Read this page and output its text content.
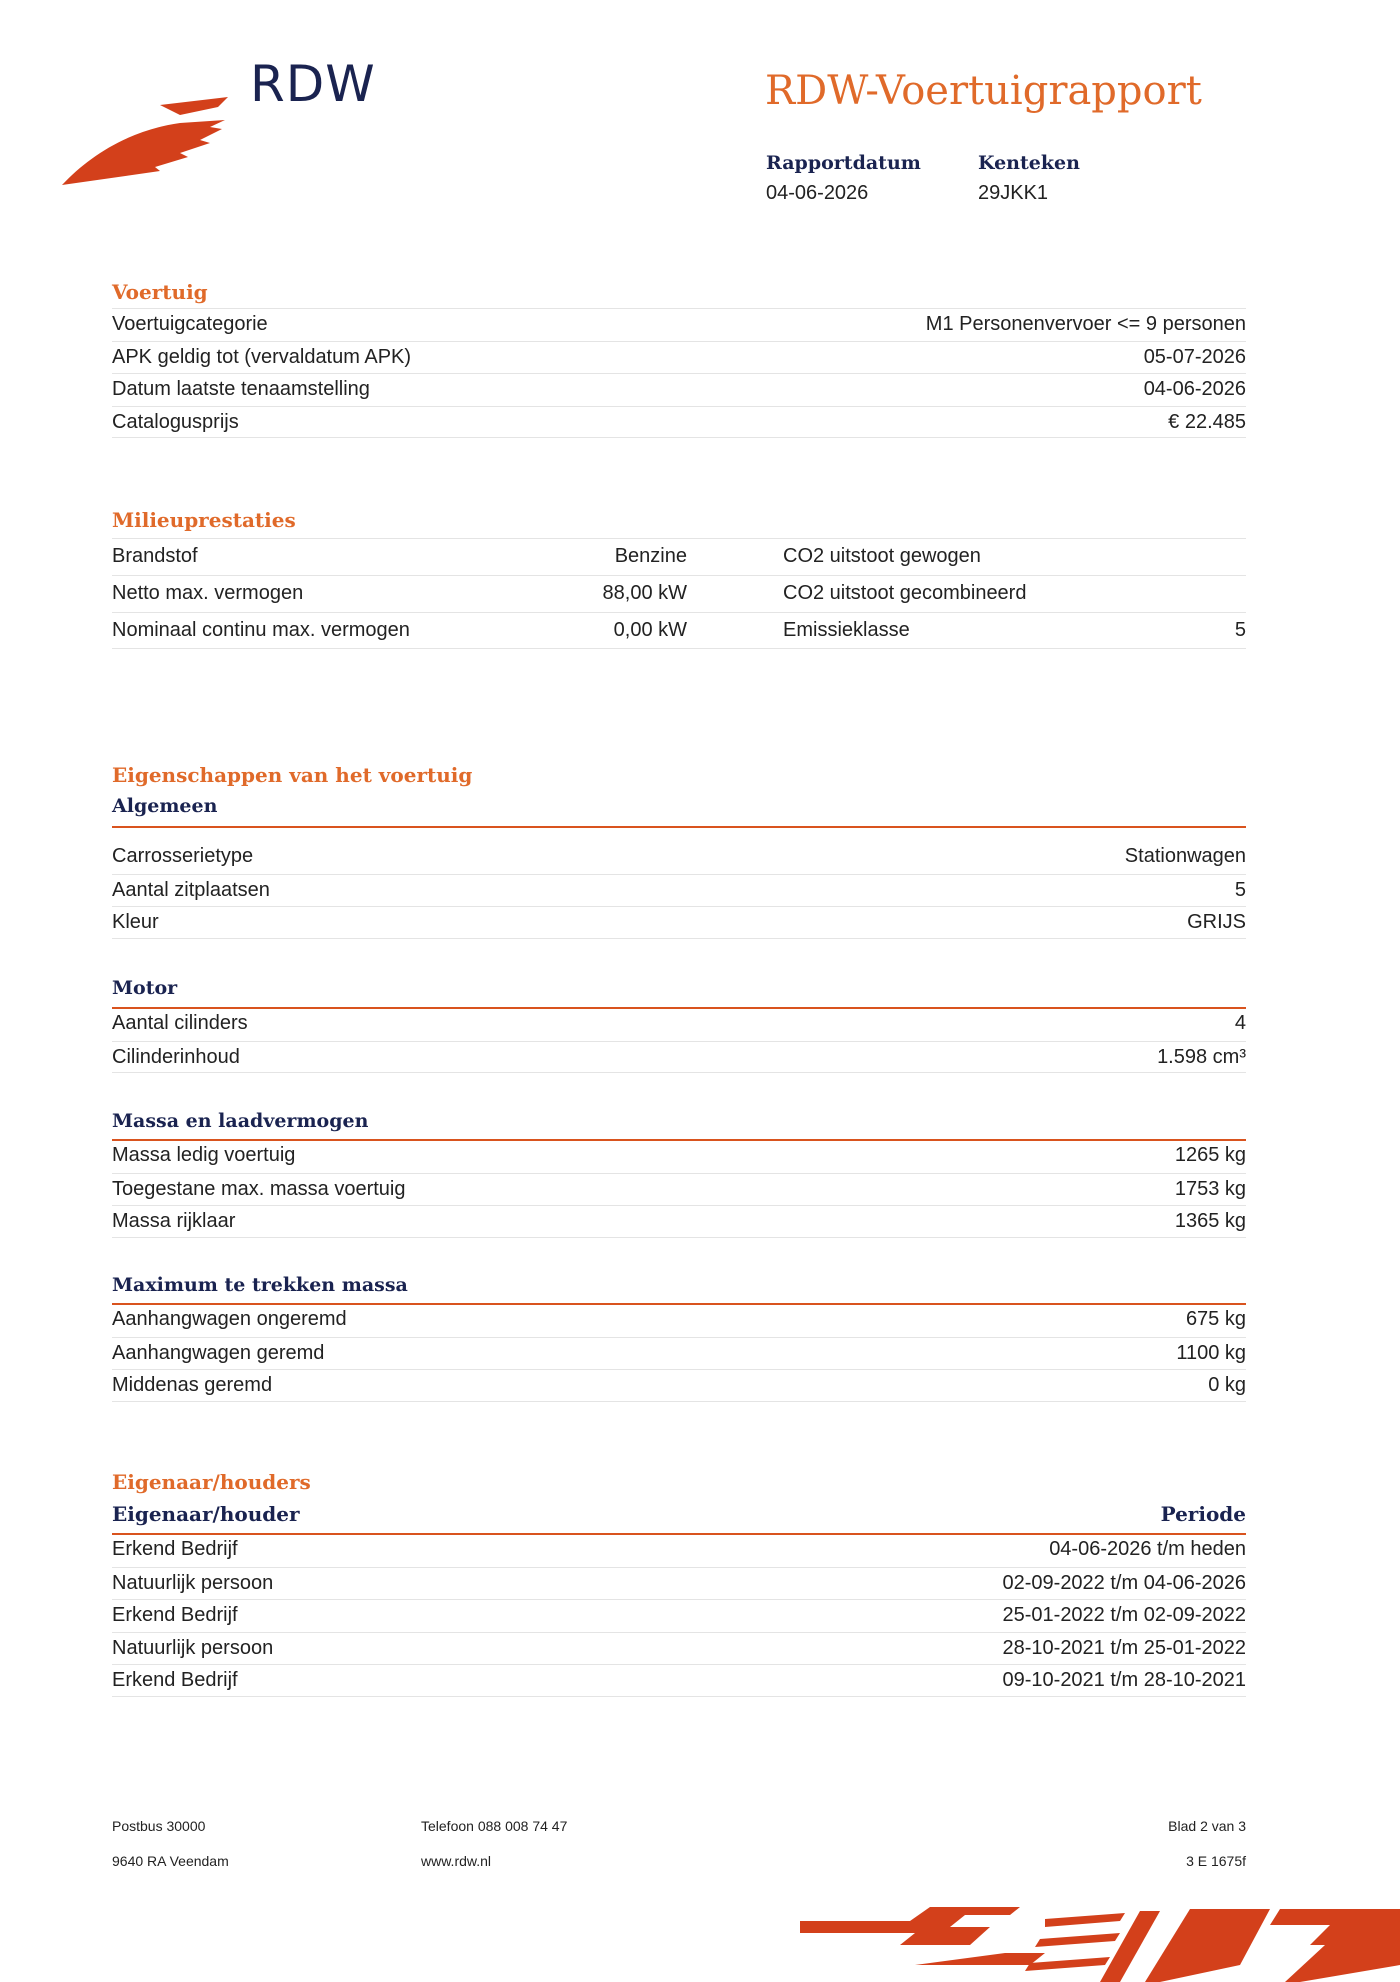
RDW	RDW-Voertuigrapport
Rapportdatum
04-06-2026
Kenteken
29JKK1
Voertuig
Voertuigcategorie	M1 Personenvervoer <= 9 personen
APK geldig tot (vervaldatum APK)	05-07-2026
Datum laatste tenaamstelling	04-06-2026
Catalogusprijs	€ 22.485
Milieuprestaties
Brandstof	Benzine	CO2 uitstoot gewogen
Netto max. vermogen	88,00 kW	CO2 uitstoot gecombineerd
Nominaal continu max. vermogen	0,00 kW	Emissieklasse	5
Eigenschappen van het voertuig
Algemeen
Carrosserietype	Stationwagen
Aantal zitplaatsen	5
Kleur	GRIJS
Motor
Aantal cilinders	4
Cilinderinhoud	1.598 cm³
Massa en laadvermogen
Massa ledig voertuig	1265 kg
Toegestane max. massa voertuig	1753 kg
Massa rijklaar	1365 kg
Maximum te trekken massa
Aanhangwagen ongeremd	675 kg
Aanhangwagen geremd	1100 kg
Middenas geremd	0 kg
Eigenaar/houders
Eigenaar/houder	Periode
Erkend Bedrijf	04-06-2026 t/m heden
Natuurlijk persoon	02-09-2022 t/m 04-06-2026
Erkend Bedrijf	25-01-2022 t/m 02-09-2022
Natuurlijk persoon	28-10-2021 t/m 25-01-2022
Erkend Bedrijf	09-10-2021 t/m 28-10-2021
Postbus 30000
9640 RA Veendam
Telefoon 088 008 74 47
www.rdw.nl
Blad 2 van 3
3 E 1675f
